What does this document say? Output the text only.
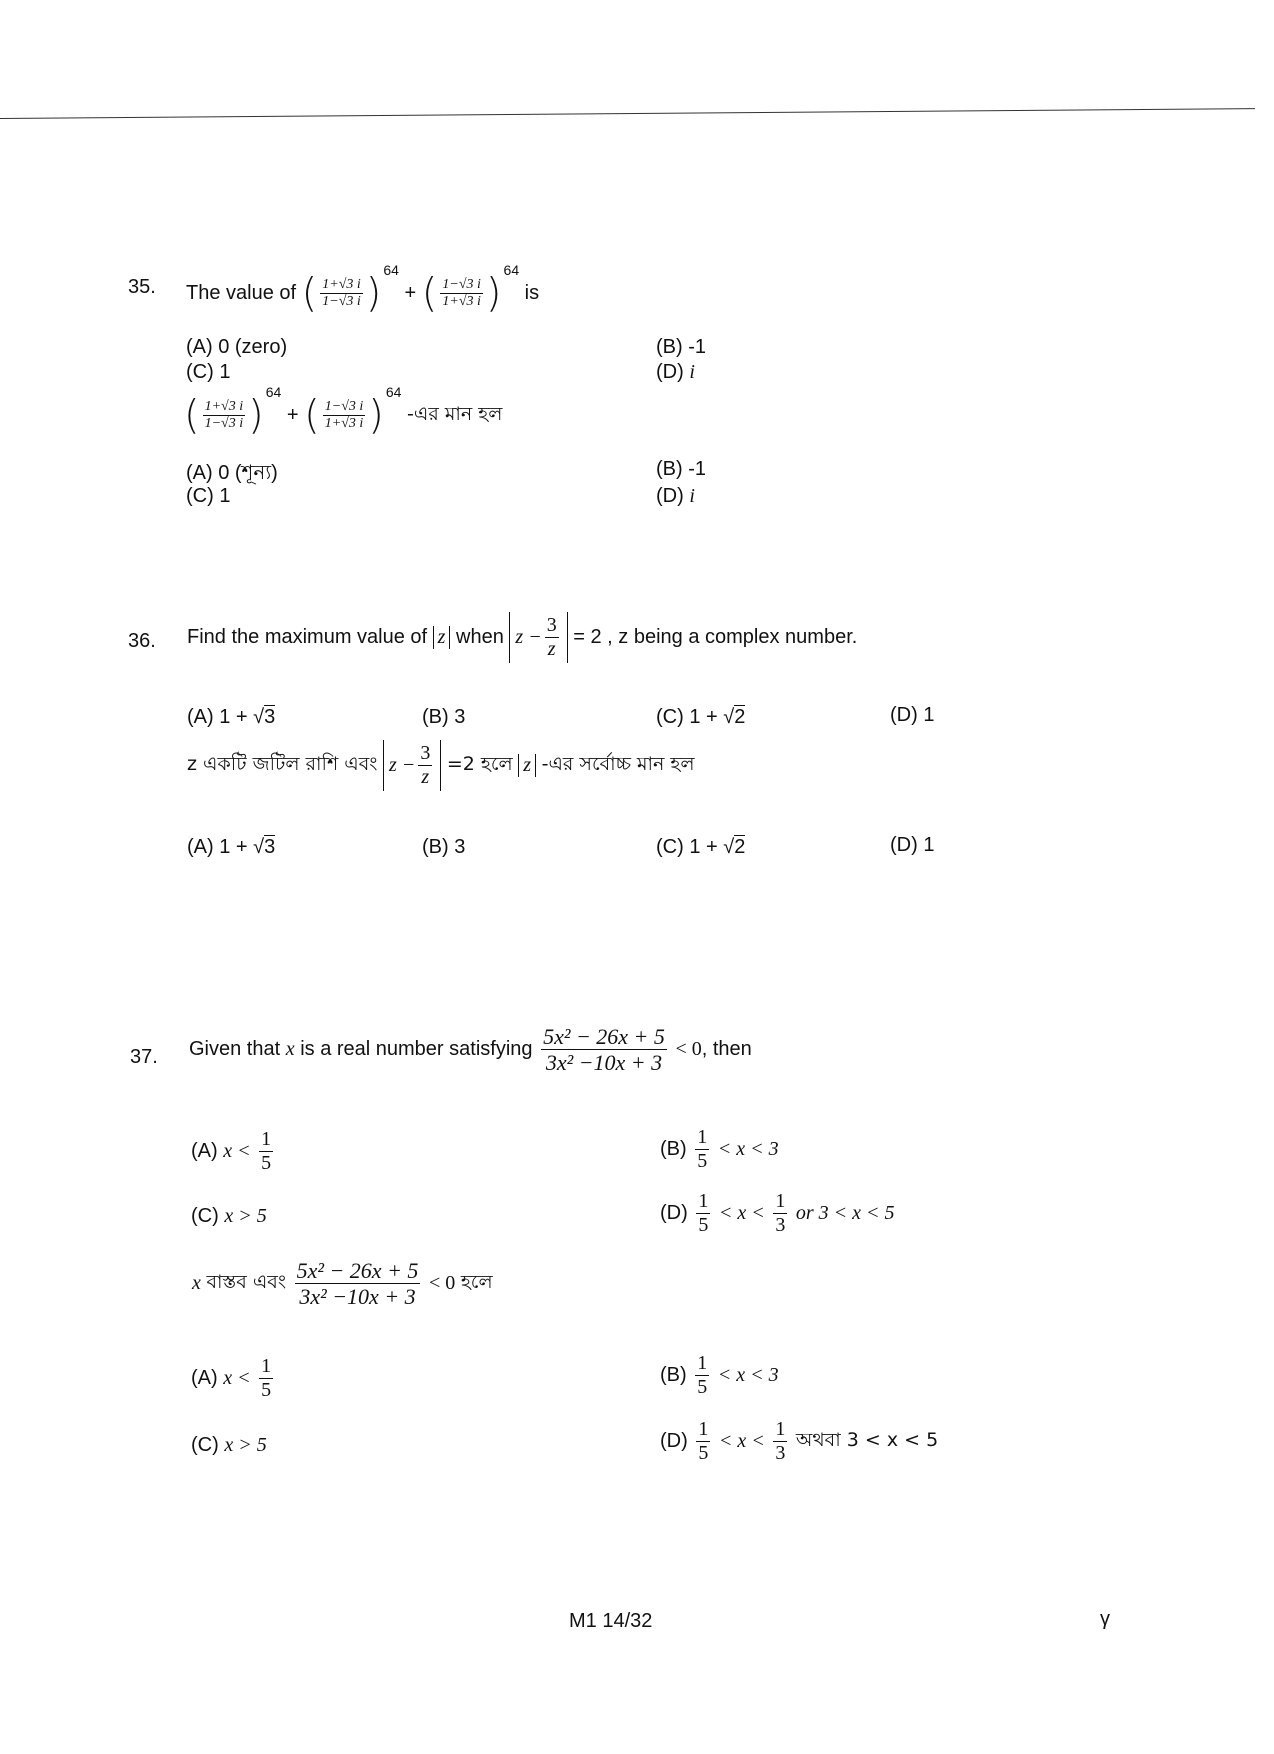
35. The value of ( $\frac{1+√3 i}{1-√3 i} )^{64}$ + ( $\frac{1-√3 i}{1+√3 i} )^{64}$ is
(A) 0 (zero)	(B) -1
(C) 1	(D) i
( $\frac{1+√3 i}{1-√3 i} )^{64}$ + ( $\frac{1-√3 i}{1+√3 i} )^{64}$ -এর মান হল
(A) 0 (শূন্য)	(B) -1
(C) 1	(D) i
36. Find the maximum value of z when $z - \frac{3}{z} = 2$ , z being a complex number.
(A) 1 + √3	(B) 3	(C) 1 + √2	(D) 1
z একটি জটিল রাশি এবং $z - \frac{3}{z} =2$ হলে z -এর সর্বোচ্চ মান হল
(A) 1 + √3	(B) 3	(C) 1 + √2	(D) 1
37. Given that x is a real number satisfying $\frac{\text{5x² − 26x + 5}}{\text{3x² −10x + 3}} < 0$, then
(A) $x < \frac{1}{5}$	$(B) \frac{1}{5} < x < 3$
(C) x > 5	$(D) \frac{1}{5} < x < \frac{1}{3}$ or 3 < x < 5
x বাস্তব এবং $\frac{\text{5x² − 26x + 5}}{\text{3x² −10x + 3}} < 0$ হলে
(A) $x < \frac{1}{5}$	$(B) \frac{1}{5} < x < 3$
(C) x > 5	$(D) \frac{1}{5} < x < \frac{1}{3}$ অথবা 3 < x < 5
M1 14/32	γ
